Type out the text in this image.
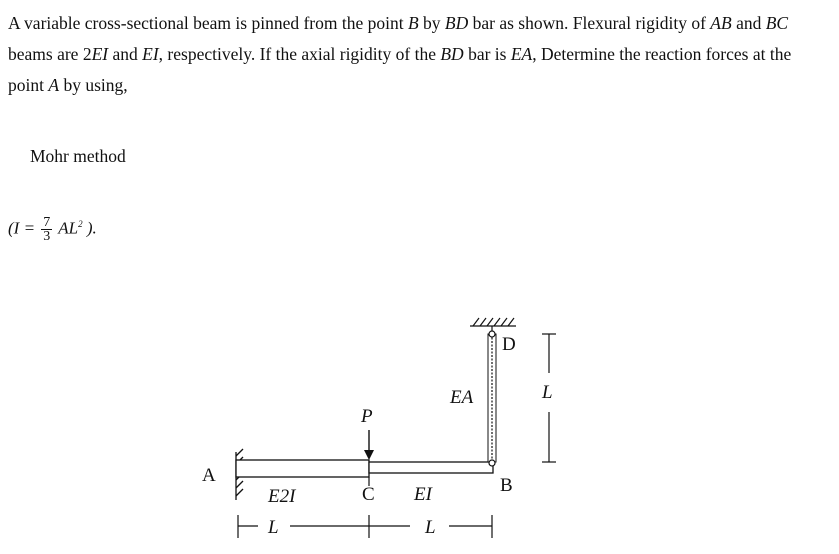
A variable cross-sectional beam is pinned from the point B by BD bar as shown. Flexural rigidity of AB and BC beams are 2EI and EI, respectively. If the axial rigidity of the BD bar is EA, Determine the reaction forces at the point A by using,
Mohr method
($I = \frac{7}{3} AL^2$ ).
A	B
C
D
P
EA
E2I	EI
L
L	L
